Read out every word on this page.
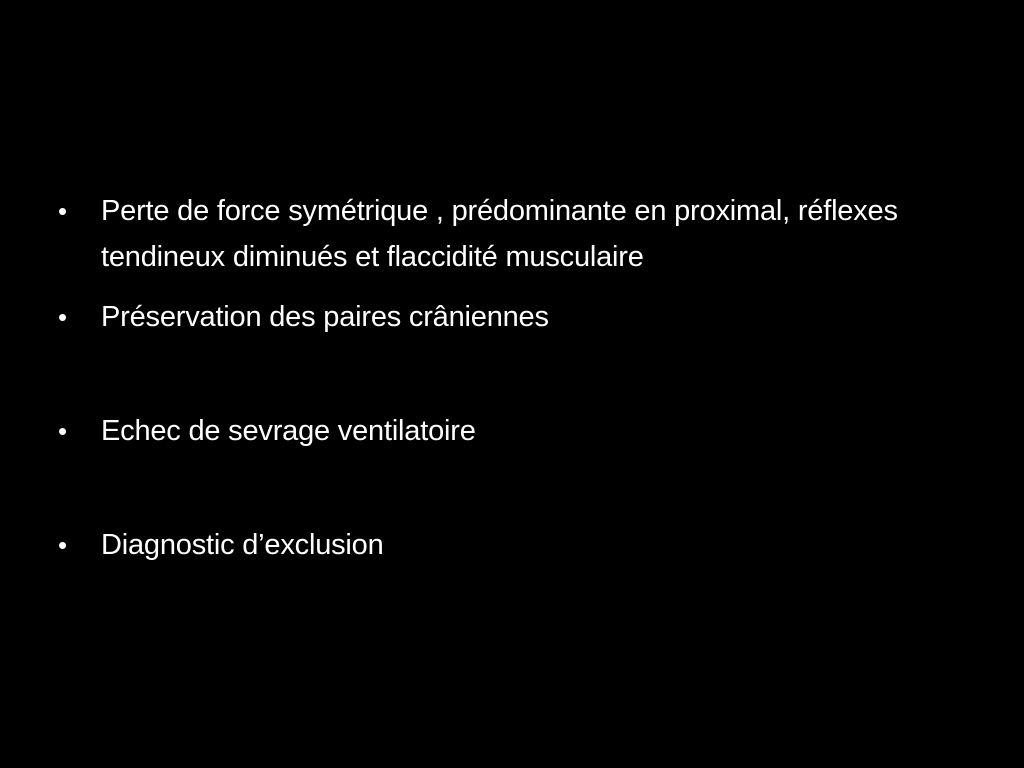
• Perte de force symétrique , prédominante en proximal, réflexes tendineux diminués et flaccidité musculaire
• Préservation des paires crâniennes
• Echec de sevrage ventilatoire
• Diagnostic d’exclusion
